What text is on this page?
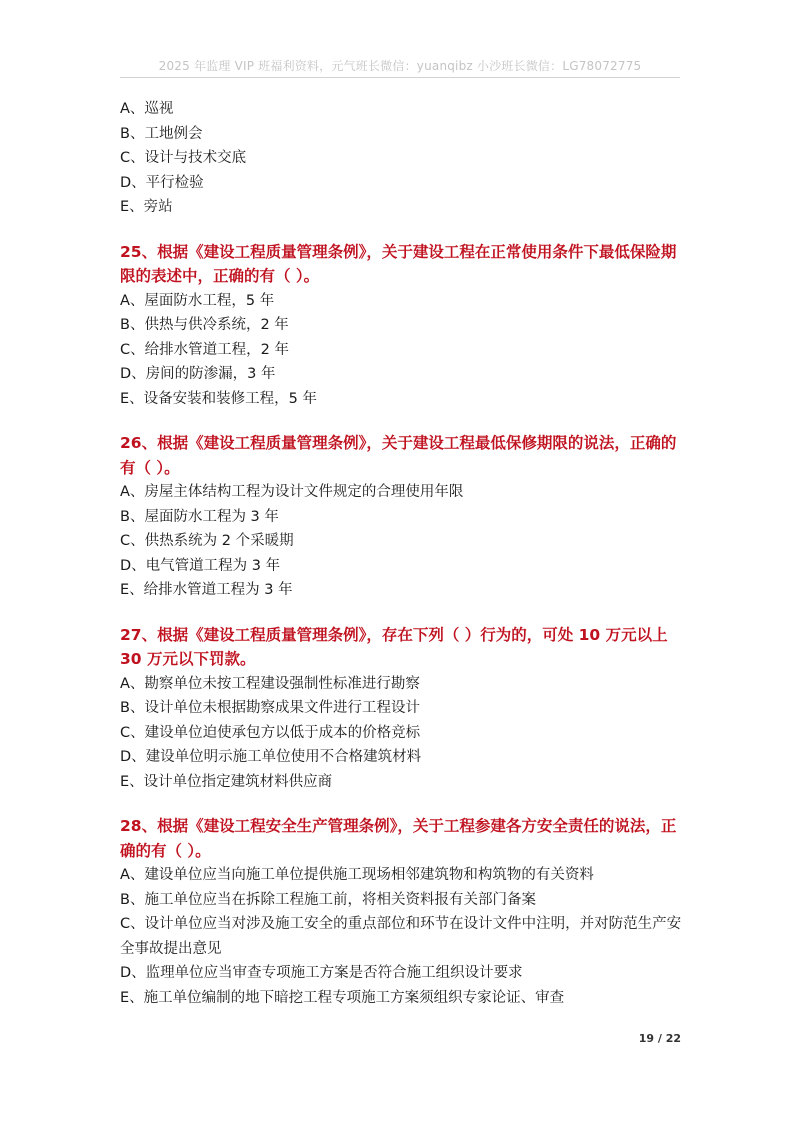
2025 年监理 VIP 班福利资料，元气班长微信：yuanqibz 小沙班长微信：LG78072775
A、巡视
B、工地例会
C、设计与技术交底
D、平行检验
E、旁站
25、根据《建设工程质量管理条例》，关于建设工程在正常使用条件下最低保险期限的表述中，正确的有（ ）。
A、屋面防水工程，5 年
B、供热与供冷系统，2 年
C、给排水管道工程，2 年
D、房间的防渗漏，3 年
E、设备安装和装修工程，5 年
26、根据《建设工程质量管理条例》，关于建设工程最低保修期限的说法，正确的有（ ）。
A、房屋主体结构工程为设计文件规定的合理使用年限
B、屋面防水工程为 3 年
C、供热系统为 2 个采暖期
D、电气管道工程为 3 年
E、给排水管道工程为 3 年
27、根据《建设工程质量管理条例》，存在下列（ ）行为的，可处 10 万元以上 30 万元以下罚款。
A、勘察单位未按工程建设强制性标准进行勘察
B、设计单位未根据勘察成果文件进行工程设计
C、建设单位迫使承包方以低于成本的价格竞标
D、建设单位明示施工单位使用不合格建筑材料
E、设计单位指定建筑材料供应商
28、根据《建设工程安全生产管理条例》，关于工程参建各方安全责任的说法，正确的有（ ）。
A、建设单位应当向施工单位提供施工现场相邻建筑物和构筑物的有关资料
B、施工单位应当在拆除工程施工前，将相关资料报有关部门备案
C、设计单位应当对涉及施工安全的重点部位和环节在设计文件中注明，并对防范生产安全事故提出意见
D、监理单位应当审查专项施工方案是否符合施工组织设计要求
E、施工单位编制的地下暗挖工程专项施工方案须组织专家论证、审查
19 / 22
